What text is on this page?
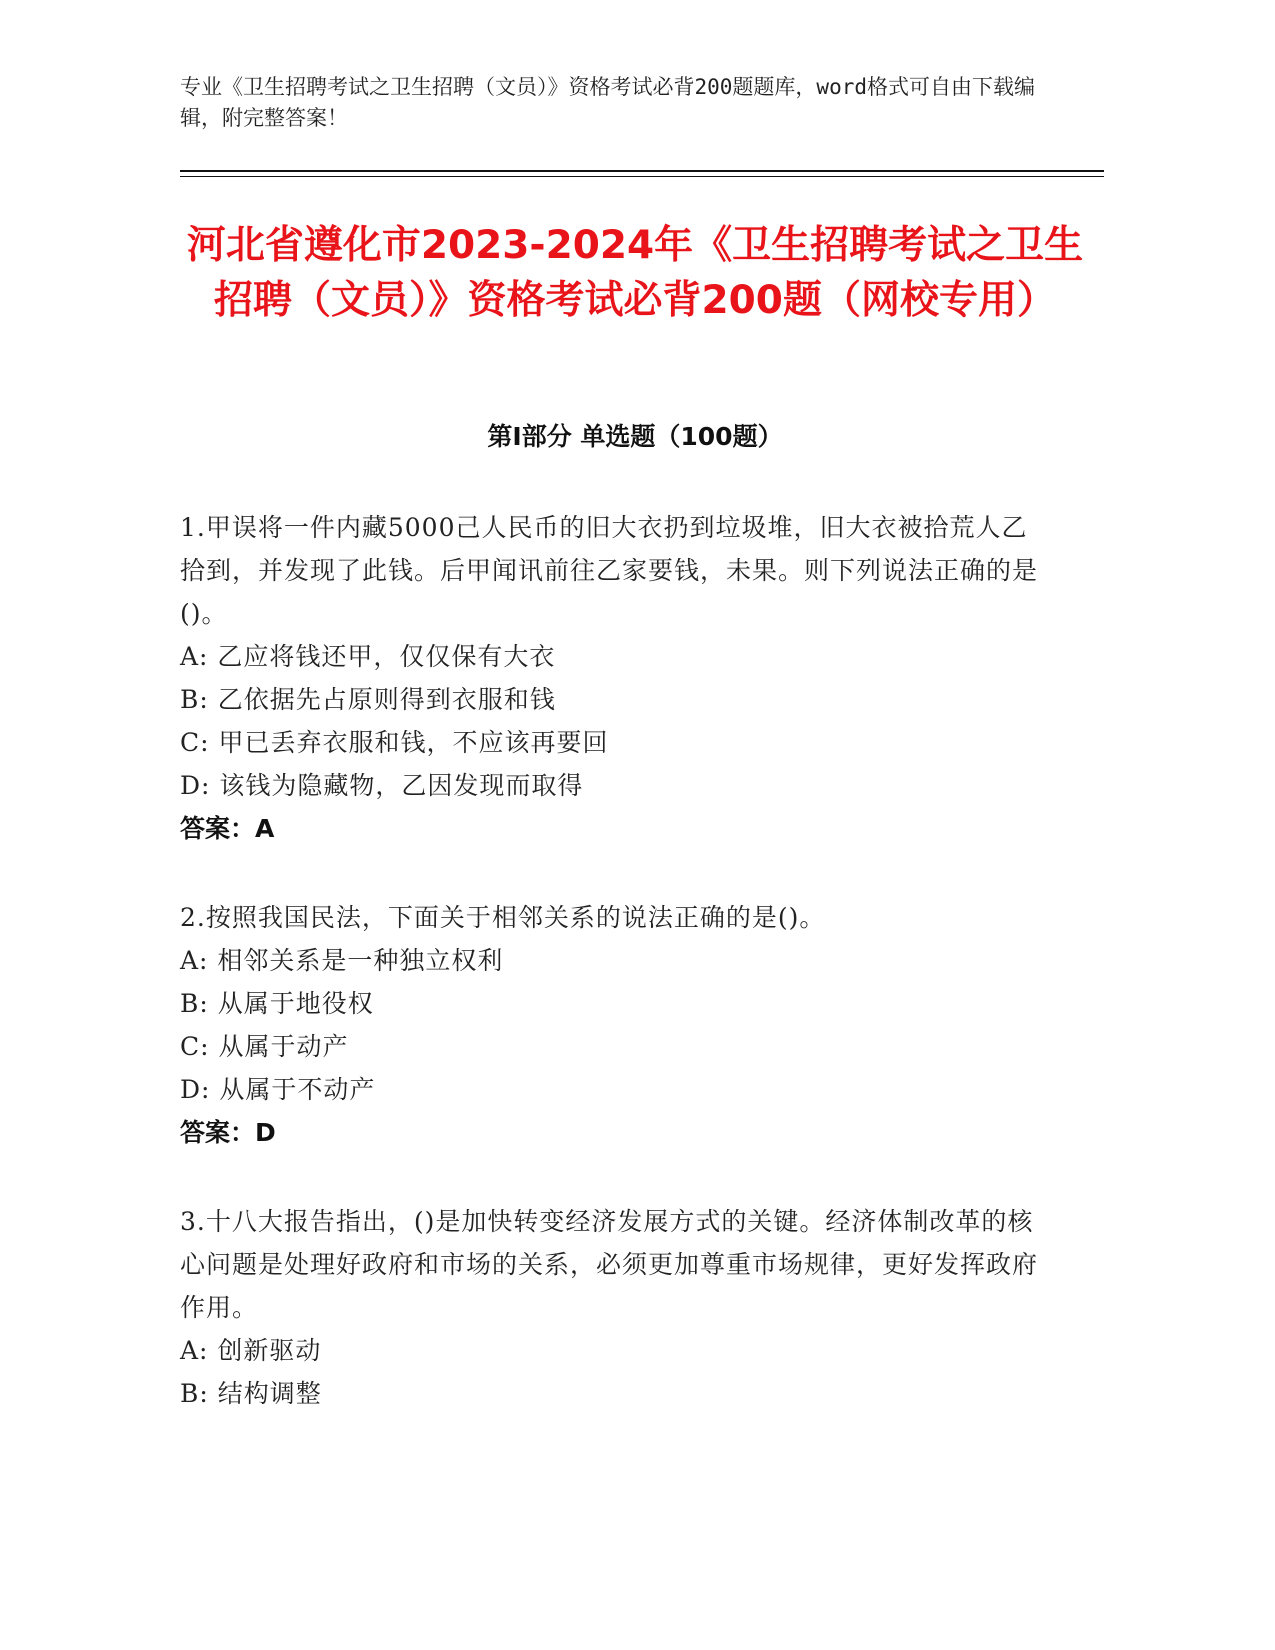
专业《卫生招聘考试之卫生招聘（文员）》资格考试必背200题题库，word格式可自由下载编辑，附完整答案！
河北省遵化市2023-2024年《卫生招聘考试之卫生招聘（文员）》资格考试必背200题（网校专用）
第I部分 单选题（100题）
1.甲误将一件内藏5000己人民币的旧大衣扔到垃圾堆，旧大衣被拾荒人乙拾到，并发现了此钱。后甲闻讯前往乙家要钱，未果。则下列说法正确的是()。
A: 乙应将钱还甲，仅仅保有大衣
B: 乙依据先占原则得到衣服和钱
C: 甲已丢弃衣服和钱，不应该再要回
D: 该钱为隐藏物，乙因发现而取得
答案：A
2.按照我国民法，下面关于相邻关系的说法正确的是()。
A: 相邻关系是一种独立权利
B: 从属于地役权
C: 从属于动产
D: 从属于不动产
答案：D
3.十八大报告指出，()是加快转变经济发展方式的关键。经济体制改革的核心问题是处理好政府和市场的关系，必须更加尊重市场规律，更好发挥政府作用。
A: 创新驱动
B: 结构调整
